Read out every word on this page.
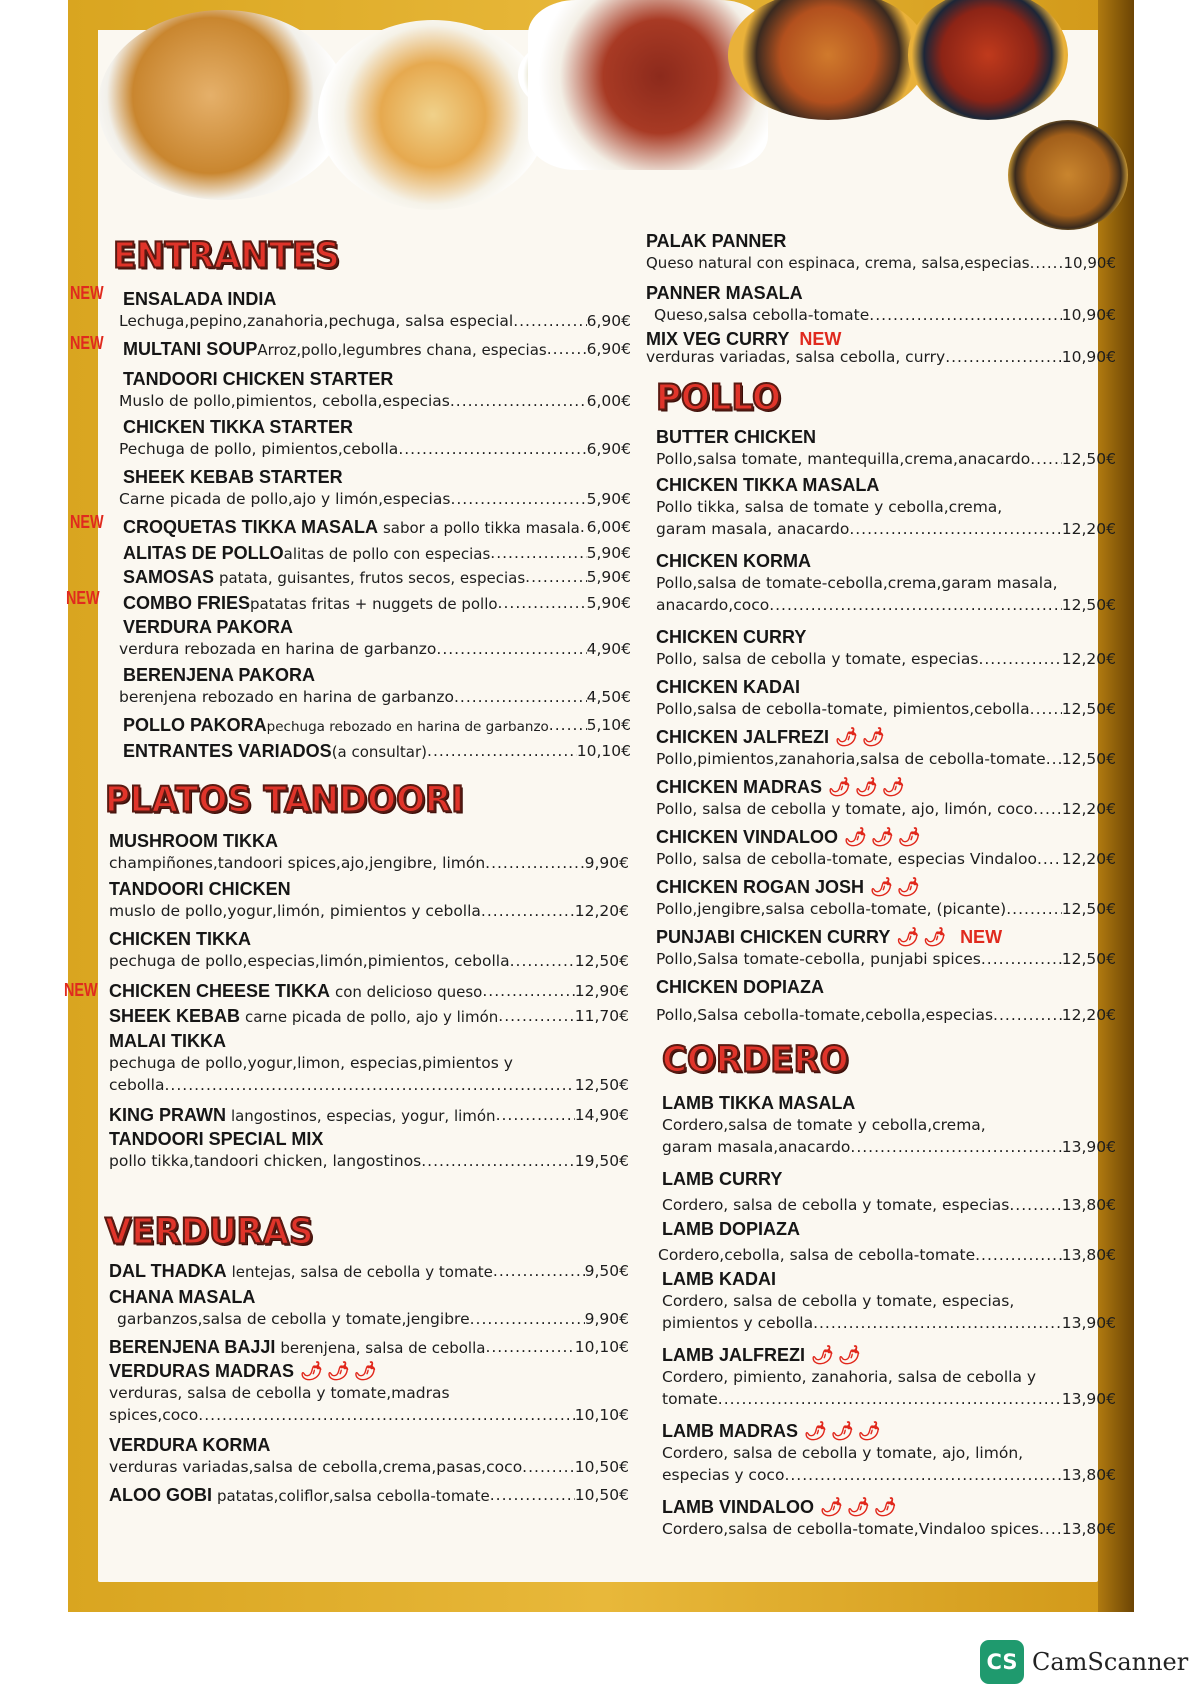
ENTRANTES
NEW ENSALADA INDIA
Lechuga,pepino,zanahoria,pechuga, salsa especial .....	6,90€
NEW MULTANI SOUPArroz,pollo,legumbres chana, especias .....	6,90€
TANDOORI CHICKEN STARTER
Muslo de pollo,pimientos, cebolla,especias .....	6,00€
CHICKEN TIKKA STARTER
Pechuga de pollo, pimientos,cebolla .....	6,90€
SHEEK KEBAB STARTER
Carne picada de pollo,ajo y limón,especias .....	5,90€
NEW CROQUETAS TIKKA MASALA sabor a pollo tikka masala ..... 6,00€
ALITAS DE POLLOalitas de pollo con especias .....	5,90€
SAMOSAS patata, guisantes, frutos secos, especias .....	5,90€
NEW COMBO FRIESpatatas fritas + nuggets de pollo .....	5,90€
VERDURA PAKORA
verdura rebozada en harina de garbanzo .....	4,90€
BERENJENA PAKORA
berenjena rebozado en harina de garbanzo .....	4,50€
POLLO PAKORApechuga rebozado en harina de garbanzo ..... 5,10€
ENTRANTES VARIADOS(a consultar) .....	10,10€
PLATOS TANDOORI
MUSHROOM TIKKA
champiñones,tandoori spices,ajo,jengibre, limón .....	9,90€
TANDOORI CHICKEN
muslo de pollo,yogur,limón, pimientos y cebolla .....	12,20€
CHICKEN TIKKA
pechuga de pollo,especias,limón,pimientos, cebolla .....	12,50€
NEW CHICKEN CHEESE TIKKA con delicioso queso .....	12,90€
SHEEK KEBAB carne picada de pollo, ajo y limón .....	11,70€
MALAI TIKKA
pechuga de pollo,yogur,limon, especias,pimientos y
cebolla .....	12,50€
KING PRAWN langostinos, especias, yogur, limón .....	14,90€
TANDOORI SPECIAL MIX
pollo tikka,tandoori chicken, langostinos .....	19,50€
VERDURAS
DAL THADKA lentejas, salsa de cebolla y tomate .....	9,50€
CHANA MASALA
garbanzos,salsa de cebolla y tomate,jengibre .....	9,90€
BERENJENA BAJJI berenjena, salsa de cebolla .....	10,10€
VERDURAS MADRAS 🌶🌶🌶
verduras, salsa de cebolla y tomate,madras
spices,coco .....	10,10€
VERDURA KORMA
verduras variadas,salsa de cebolla,crema,pasas,coco .....	10,50€
ALOO GOBI patatas,coliflor,salsa cebolla-tomate .....	10,50€
PALAK PANNER
Queso natural con espinaca, crema, salsa,especias ..... 10,90€
PANNER MASALA
Queso,salsa cebolla-tomate .....	10,90€
MIX VEG CURRY NEW
verduras variadas, salsa cebolla, curry .....	10,90€
POLLO
BUTTER CHICKEN
Pollo,salsa tomate, mantequilla,crema,anacardo ..... 12,50€
CHICKEN TIKKA MASALA
Pollo tikka, salsa de tomate y cebolla,crema,
garam masala, anacardo .....	12,20€
CHICKEN KORMA
Pollo,salsa de tomate-cebolla,crema,garam masala,
anacardo,coco .....	12,50€
CHICKEN CURRY
Pollo, salsa de cebolla y tomate, especias .....	12,20€
CHICKEN KADAI
Pollo,salsa de cebolla-tomate, pimientos,cebolla ..... 12,50€
CHICKEN JALFREZI 🌶🌶
Pollo,pimientos,zanahoria,salsa de cebolla-tomate ..... 12,50€
CHICKEN MADRAS 🌶🌶🌶
Pollo, salsa de cebolla y tomate, ajo, limón, coco ..... 12,20€
CHICKEN VINDALOO 🌶🌶🌶
Pollo, salsa de cebolla-tomate, especias Vindaloo ..... 12,20€
CHICKEN ROGAN JOSH 🌶🌶
Pollo,jengibre,salsa cebolla-tomate, (picante) .....	12,50€
PUNJABI CHICKEN CURRY 🌶🌶 NEW
Pollo,Salsa tomate-cebolla, punjabi spices .....	12,50€
CHICKEN DOPIAZA
Pollo,Salsa cebolla-tomate,cebolla,especias .....	12,20€
CORDERO
LAMB TIKKA MASALA
Cordero,salsa de tomate y cebolla,crema,
garam masala,anacardo .....	13,90€
LAMB CURRY
Cordero, salsa de cebolla y tomate, especias .....	13,80€
LAMB DOPIAZA
Cordero,cebolla, salsa de cebolla-tomate .....	13,80€
LAMB KADAI
Cordero, salsa de cebolla y tomate, especias,
pimientos y cebolla .....	13,90€
LAMB JALFREZI 🌶🌶
Cordero, pimiento, zanahoria, salsa de cebolla y
tomate .....	13,90€
LAMB MADRAS 🌶🌶🌶
Cordero, salsa de cebolla y tomate, ajo, limón,
especias y coco .....	13,80€
LAMB VINDALOO 🌶🌶🌶
Cordero,salsa de cebolla-tomate,Vindaloo spices ..... 13,80€
CS CamScanner
